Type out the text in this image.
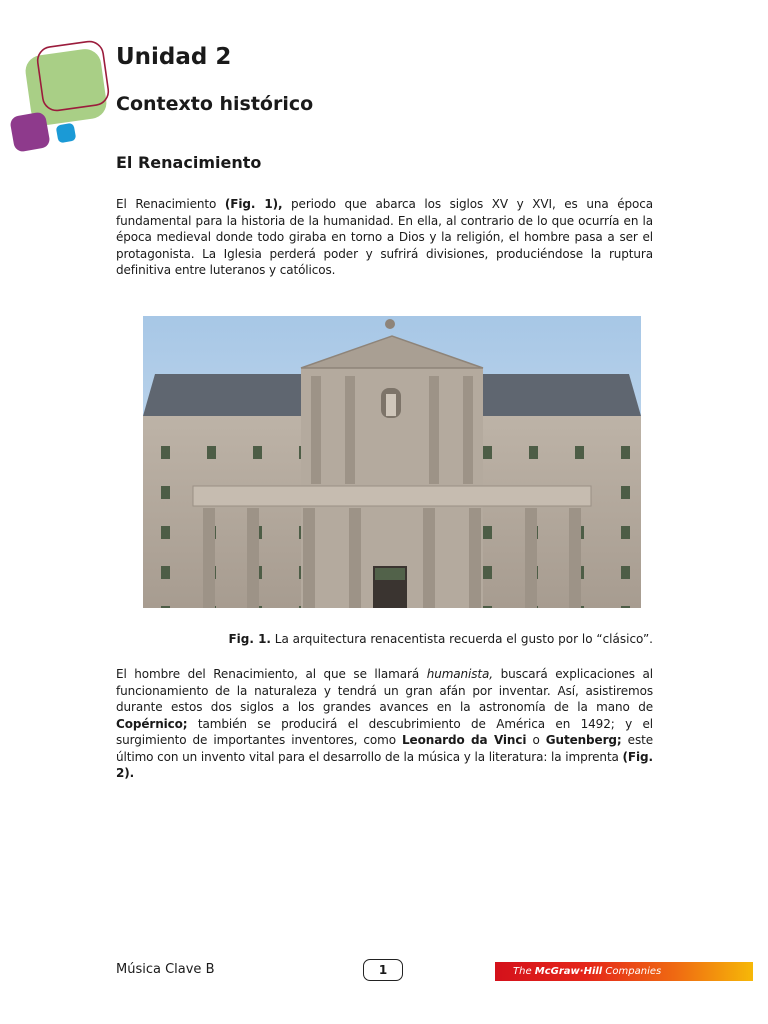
Unidad 2
Contexto histórico
El Renacimiento

El Renacimiento (Fig. 1), periodo que abarca los siglos XV y XVI, es una época fundamental para la historia de la humanidad. En ella, al contrario de lo que ocurría en la época medieval donde todo giraba en torno a Dios y la religión, el hombre pasa a ser el protagonista. La Iglesia perderá poder y sufrirá divisiones, produciéndose la ruptura definitiva entre luteranos y católicos.

Fig. 1. La arquitectura renacentista recuerda el gusto por lo “clásico”.

El hombre del Renacimiento, al que se llamará humanista, buscará explicaciones al funcionamiento de la naturaleza y tendrá un gran afán por inventar. Así, asistiremos durante estos dos siglos a los grandes avances en la astronomía de la mano de Copérnico; también se producirá el descubrimiento de América en 1492; y el surgimiento de importantes inventores, como Leonardo da Vinci o Gutenberg; este último con un invento vital para el desarrollo de la música y la literatura: la imprenta (Fig. 2).

Música Clave B	1	The McGraw·Hill Companies
